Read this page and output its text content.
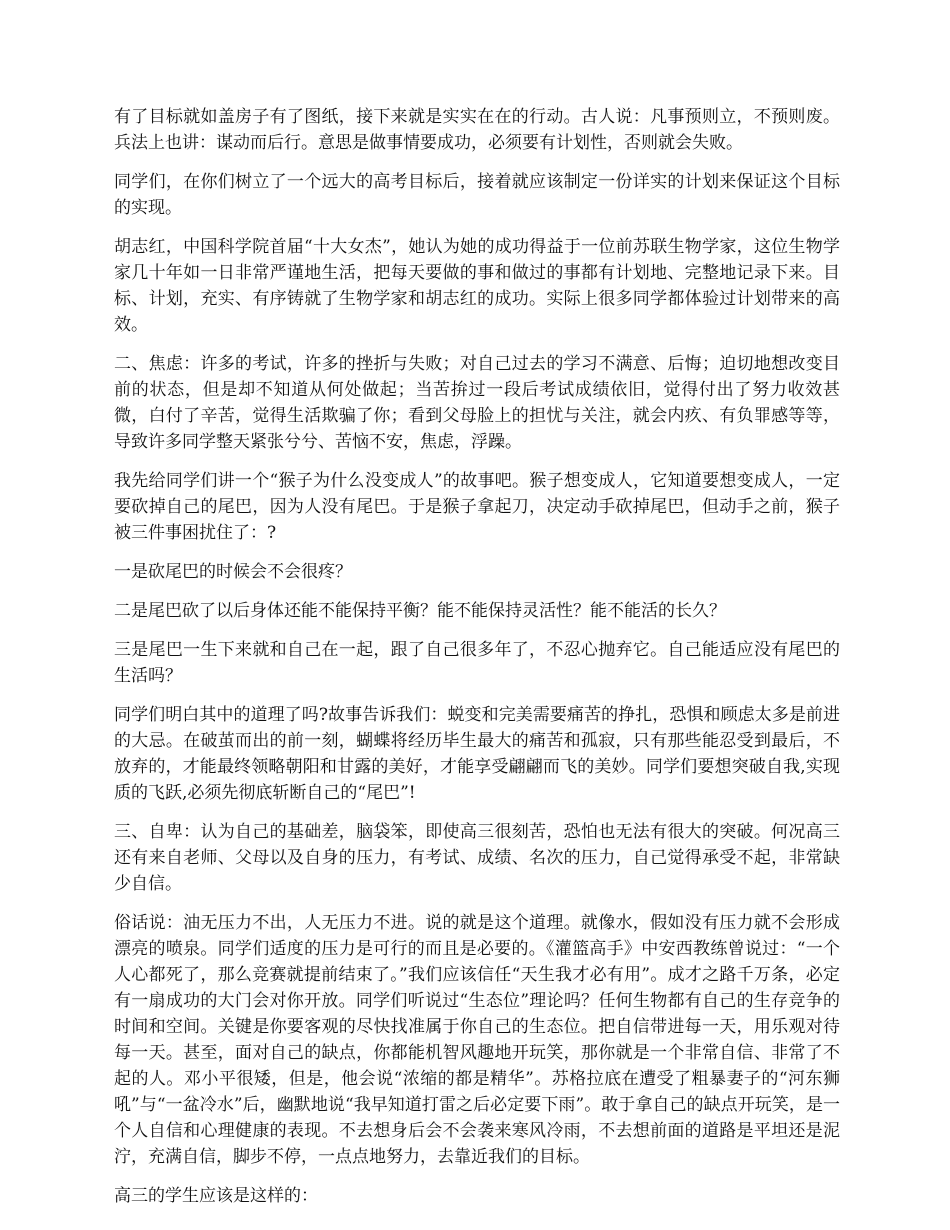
有了目标就如盖房子有了图纸，接下来就是实实在在的行动。古人说：凡事预则立，不预则废。兵法上也讲：谋动而后行。意思是做事情要成功，必须要有计划性，否则就会失败。

同学们，在你们树立了一个远大的高考目标后，接着就应该制定一份详实的计划来保证这个目标的实现。

胡志红，中国科学院首届“十大女杰”，她认为她的成功得益于一位前苏联生物学家，这位生物学家几十年如一日非常严谨地生活，把每天要做的事和做过的事都有计划地、完整地记录下来。目标、计划，充实、有序铸就了生物学家和胡志红的成功。实际上很多同学都体验过计划带来的高效。

二、焦虑：许多的考试，许多的挫折与失败；对自己过去的学习不满意、后悔；迫切地想改变目前的状态，但是却不知道从何处做起；当苦拚过一段后考试成绩依旧，觉得付出了努力收效甚微，白付了辛苦，觉得生活欺骗了你；看到父母脸上的担忧与关注，就会内疚、有负罪感等等，导致许多同学整天紧张兮兮、苦恼不安，焦虑，浮躁。

我先给同学们讲一个“猴子为什么没变成人”的故事吧。猴子想变成人，它知道要想变成人，一定要砍掉自己的尾巴，因为人没有尾巴。于是猴子拿起刀，决定动手砍掉尾巴，但动手之前，猴子被三件事困扰住了：?

一是砍尾巴的时候会不会很疼？

二是尾巴砍了以后身体还能不能保持平衡？能不能保持灵活性？能不能活的长久？

三是尾巴一生下来就和自己在一起，跟了自己很多年了，不忍心抛弃它。自己能适应没有尾巴的生活吗？

同学们明白其中的道理了吗?故事告诉我们：蜕变和完美需要痛苦的挣扎，恐惧和顾虑太多是前进的大忌。在破茧而出的前一刻，蝴蝶将经历毕生最大的痛苦和孤寂，只有那些能忍受到最后，不放弃的，才能最终领略朝阳和甘露的美好，才能享受翩翩而飞的美妙。同学们要想突破自我,实现质的飞跃,必须先彻底斩断自己的“尾巴”!

三、自卑：认为自己的基础差，脑袋笨，即使高三很刻苦，恐怕也无法有很大的突破。何况高三还有来自老师、父母以及自身的压力，有考试、成绩、名次的压力，自己觉得承受不起，非常缺少自信。

俗话说：油无压力不出，人无压力不进。说的就是这个道理。就像水，假如没有压力就不会形成漂亮的喷泉。同学们适度的压力是可行的而且是必要的。《灌篮高手》中安西教练曾说过：“一个人心都死了，那么竞赛就提前结束了。”我们应该信任“天生我才必有用”。成才之路千万条，必定有一扇成功的大门会对你开放。同学们听说过“生态位”理论吗？任何生物都有自己的生存竞争的时间和空间。关键是你要客观的尽快找准属于你自己的生态位。把自信带进每一天，用乐观对待每一天。甚至，面对自己的缺点，你都能机智风趣地开玩笑，那你就是一个非常自信、非常了不起的人。邓小平很矮，但是，他会说“浓缩的都是精华”。苏格拉底在遭受了粗暴妻子的“河东狮吼”与“一盆冷水”后，幽默地说“我早知道打雷之后必定要下雨”。敢于拿自己的缺点开玩笑，是一个人自信和心理健康的表现。不去想身后会不会袭来寒风冷雨，不去想前面的道路是平坦还是泥泞，充满自信，脚步不停，一点点地努力，去靠近我们的目标。

高三的学生应该是这样的：
